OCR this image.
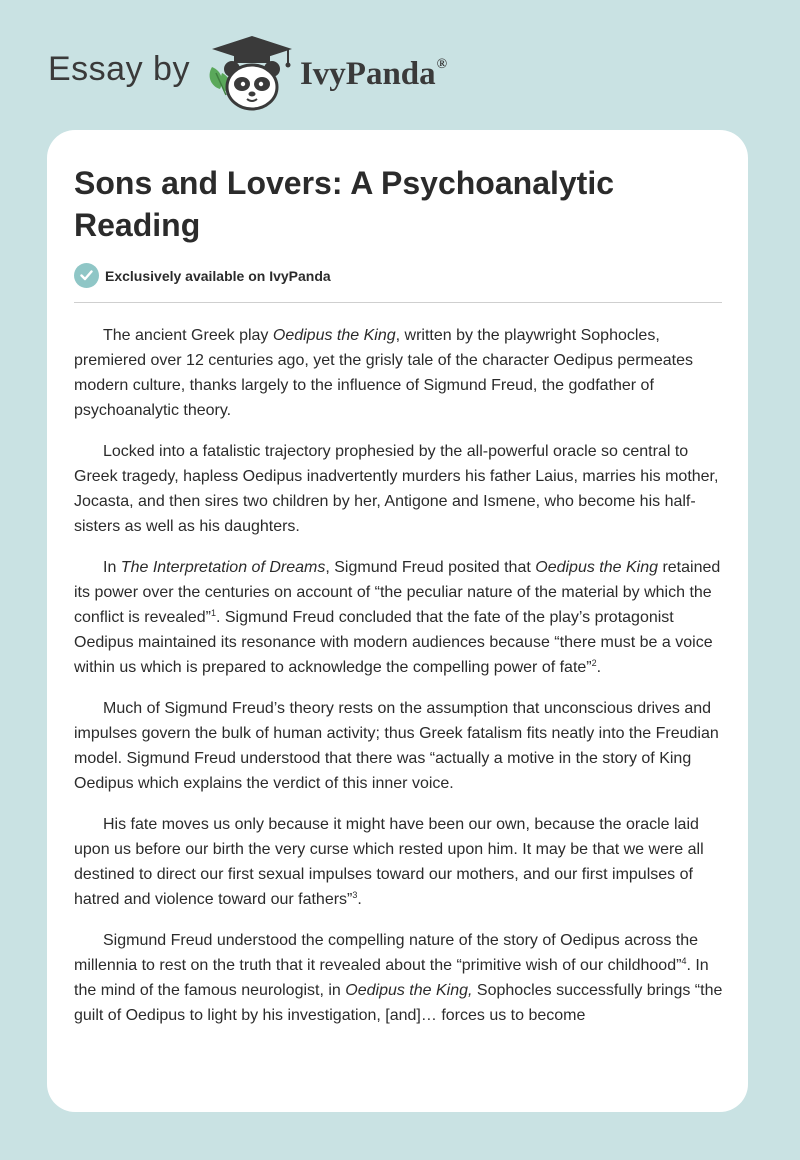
Essay by	IvyPanda®
Sons and Lovers: A Psychoanalytic Reading
Exclusively available on IvyPanda

The ancient Greek play Oedipus the King, written by the playwright Sophocles, premiered over 12 centuries ago, yet the grisly tale of the character Oedipus permeates modern culture, thanks largely to the influence of Sigmund Freud, the godfather of psychoanalytic theory.

Locked into a fatalistic trajectory prophesied by the all-powerful oracle so central to Greek tragedy, hapless Oedipus inadvertently murders his father Laius, marries his mother, Jocasta, and then sires two children by her, Antigone and Ismene, who become his half-sisters as well as his daughters.

In The Interpretation of Dreams, Sigmund Freud posited that Oedipus the King retained its power over the centuries on account of “the peculiar nature of the material by which the conflict is revealed”$^1$. Sigmund Freud concluded that the fate of the play’s protagonist Oedipus maintained its resonance with modern audiences because “there must be a voice within us which is prepared to acknowledge the compelling power of fate”$^2$.

Much of Sigmund Freud’s theory rests on the assumption that unconscious drives and impulses govern the bulk of human activity; thus Greek fatalism fits neatly into the Freudian model. Sigmund Freud understood that there was “actually a motive in the story of King Oedipus which explains the verdict of this inner voice.

His fate moves us only because it might have been our own, because the oracle laid upon us before our birth the very curse which rested upon him. It may be that we were all destined to direct our first sexual impulses toward our mothers, and our first impulses of hatred and violence toward our fathers”$^3$.

Sigmund Freud understood the compelling nature of the story of Oedipus across the millennia to rest on the truth that it revealed about the “primitive wish of our childhood”$^4$. In the mind of the famous neurologist, in Oedipus the King, Sophocles successfully brings “the guilt of Oedipus to light by his investigation, [and]… forces us to become
